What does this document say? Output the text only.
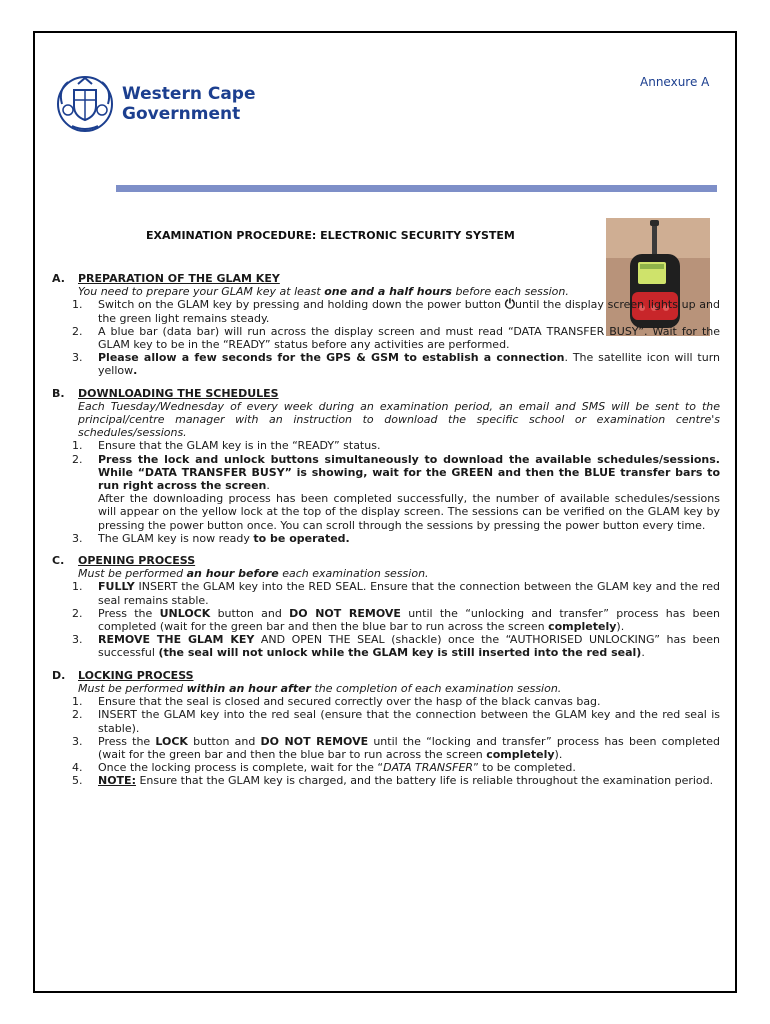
Western Cape
Government
Annexure A
EXAMINATION PROCEDURE: ELECTRONIC SECURITY SYSTEM
A. PREPARATION OF THE GLAM KEY
You need to prepare your GLAM key at least one and a half hours before each session.
1. Switch on the GLAM key by pressing and holding down the power button ⏻until the display screen lights up and the green light remains steady.
2. A blue bar (data bar) will run across the display screen and must read “DATA TRANSFER BUSY”. Wait for the GLAM key to be in the “READY” status before any activities are performed.
3. Please allow a few seconds for the GPS & GSM to establish a connection. The satellite icon will turn yellow.
B. DOWNLOADING THE SCHEDULES
Each Tuesday/Wednesday of every week during an examination period, an email and SMS will be sent to the principal/centre manager with an instruction to download the specific school or examination centre's schedules/sessions.
1. Ensure that the GLAM key is in the “READY” status.
2. Press the lock and unlock buttons simultaneously to download the available schedules/sessions. While “DATA TRANSFER BUSY” is showing, wait for the GREEN and then the BLUE transfer bars to run right across the screen.
After the downloading process has been completed successfully, the number of available schedules/sessions will appear on the yellow lock at the top of the display screen. The sessions can be verified on the GLAM key by pressing the power button once. You can scroll through the sessions by pressing the power button every time.
3. The GLAM key is now ready to be operated.
C. OPENING PROCESS
Must be performed an hour before each examination session.
1. FULLY INSERT the GLAM key into the RED SEAL. Ensure that the connection between the GLAM key and the red seal remains stable.
2. Press the UNLOCK button and DO NOT REMOVE until the “unlocking and transfer” process has been completed (wait for the green bar and then the blue bar to run across the screen completely).
3. REMOVE THE GLAM KEY AND OPEN THE SEAL (shackle) once the “AUTHORISED UNLOCKING” has been successful (the seal will not unlock while the GLAM key is still inserted into the red seal).
D. LOCKING PROCESS
Must be performed within an hour after the completion of each examination session.
1. Ensure that the seal is closed and secured correctly over the hasp of the black canvas bag.
2. INSERT the GLAM key into the red seal (ensure that the connection between the GLAM key and the red seal is stable).
3. Press the LOCK button and DO NOT REMOVE until the “locking and transfer” process has been completed (wait for the green bar and then the blue bar to run across the screen completely).
4. Once the locking process is complete, wait for the “DATA TRANSFER” to be completed.
5. NOTE: Ensure that the GLAM key is charged, and the battery life is reliable throughout the examination period.
